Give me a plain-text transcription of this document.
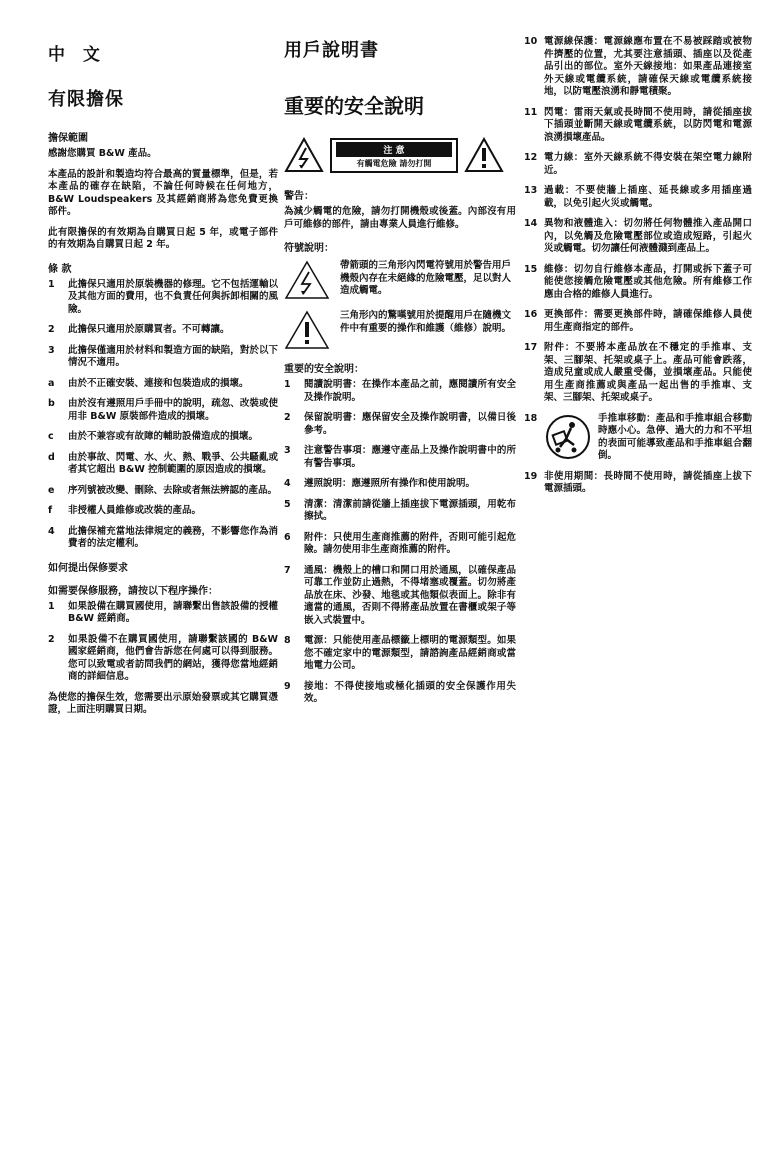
中 文
有限擔保
擔保範圍
感謝您購買 B&W 產品。
本產品的設計和製造均符合最高的質量標準，但是，若本產品的確存在缺陷，不論任何時候在任何地方，B&W Loudspeakers 及其經銷商將為您免費更換部件。
此有限擔保的有效期為自購買日起 5 年，或電子部件的有效期為自購買日起 2 年。
條 款
1	此擔保只適用於原裝機器的修理。它不包括運輸以及其他方面的費用，也不負責任何與拆卸相關的風險。
2	此擔保只適用於原購買者。不可轉讓。
3	此擔保僅適用於材料和製造方面的缺陷，對於以下情況不適用。
a	由於不正確安裝、連接和包裝造成的損壞。
b	由於沒有遵照用戶手冊中的說明，疏忽、改裝或使用非 B&W 原裝部件造成的損壞。
c	由於不兼容或有故障的輔助設備造成的損壞。
d	由於事故、閃電、水、火、熱、戰爭、公共騷亂或者其它超出 B&W 控制範圍的原因造成的損壞。
e	序列號被改變、刪除、去除或者無法辨認的產品。
f	非授權人員維修或改裝的產品。
4	此擔保補充當地法律規定的義務，不影響您作為消費者的法定權利。
如何提出保修要求
如需要保修服務，請按以下程序操作：
1	如果設備在購買國使用，請聯繫出售該設備的授權 B&W 經銷商。
2	如果設備不在購買國使用，請聯繫該國的 B&W 國家經銷商，他們會告訴您在何處可以得到服務。您可以致電或者訪問我們的網站，獲得您當地經銷商的詳細信息。
為使您的擔保生效，您需要出示原始發票或其它購買憑證，上面注明購買日期。
用戶說明書
重要的安全說明
注 意
有觸電危險 請勿打開
警告：
為減少觸電的危險，請勿打開機殼或後蓋。內部沒有用戶可維修的部件，請由專業人員進行維修。
符號說明：
帶箭頭的三角形內閃電符號用於警告用戶機殼內存在未絕緣的危險電壓，足以對人造成觸電。
三角形內的驚嘆號用於提醒用戶在隨機文件中有重要的操作和維護（維修）說明。
重要的安全說明：
1	閱讀說明書：在操作本產品之前，應閱讀所有安全及操作說明。
2	保留說明書：應保留安全及操作說明書，以備日後參考。
3	注意警告事項：應遵守產品上及操作說明書中的所有警告事項。
4	遵照說明：應遵照所有操作和使用說明。
5	清潔：清潔前請從牆上插座拔下電源插頭，用乾布擦拭。
6	附件：只使用生產商推薦的附件，否則可能引起危險。請勿使用非生產商推薦的附件。
7	通風：機殼上的槽口和開口用於通風，以確保產品可靠工作並防止過熱，不得堵塞或覆蓋。切勿將產品放在床、沙發、地毯或其他類似表面上。除非有適當的通風，否則不得將產品放置在書櫃或架子等嵌入式裝置中。
8	電源：只能使用產品標籤上標明的電源類型。如果您不確定家中的電源類型，請諮詢產品經銷商或當地電力公司。
9	接地：不得使接地或極化插頭的安全保護作用失效。
10 電源線保護：電源線應布置在不易被踩踏或被物件擠壓的位置，尤其要注意插頭、插座以及從產品引出的部位。室外天線接地：如果產品連接室外天線或電纜系統，請確保天線或電纜系統接地，以防電壓浪湧和靜電積聚。
11 閃電：雷雨天氣或長時間不使用時，請從插座拔下插頭並斷開天線或電纜系統，以防閃電和電源浪湧損壞產品。
12 電力線：室外天線系統不得安裝在架空電力線附近。
13 過載：不要使牆上插座、延長線或多用插座過載，以免引起火災或觸電。
14 異物和液體進入：切勿將任何物體推入產品開口內，以免觸及危險電壓部位或造成短路，引起火災或觸電。切勿讓任何液體濺到產品上。
15 維修：切勿自行維修本產品，打開或拆下蓋子可能使您接觸危險電壓或其他危險。所有維修工作應由合格的維修人員進行。
16 更換部件：需要更換部件時，請確保維修人員使用生產商指定的部件。
17 附件：不要將本產品放在不穩定的手推車、支架、三腳架、托架或桌子上。產品可能會跌落，造成兒童或成人嚴重受傷，並損壞產品。只能使用生產商推薦或與產品一起出售的手推車、支架、三腳架、托架或桌子。
18	手推車移動：產品和手推車組合移動時應小心。急停、過大的力和不平坦的表面可能導致產品和手推車組合翻倒。
19 非使用期間：長時間不使用時，請從插座上拔下電源插頭。
